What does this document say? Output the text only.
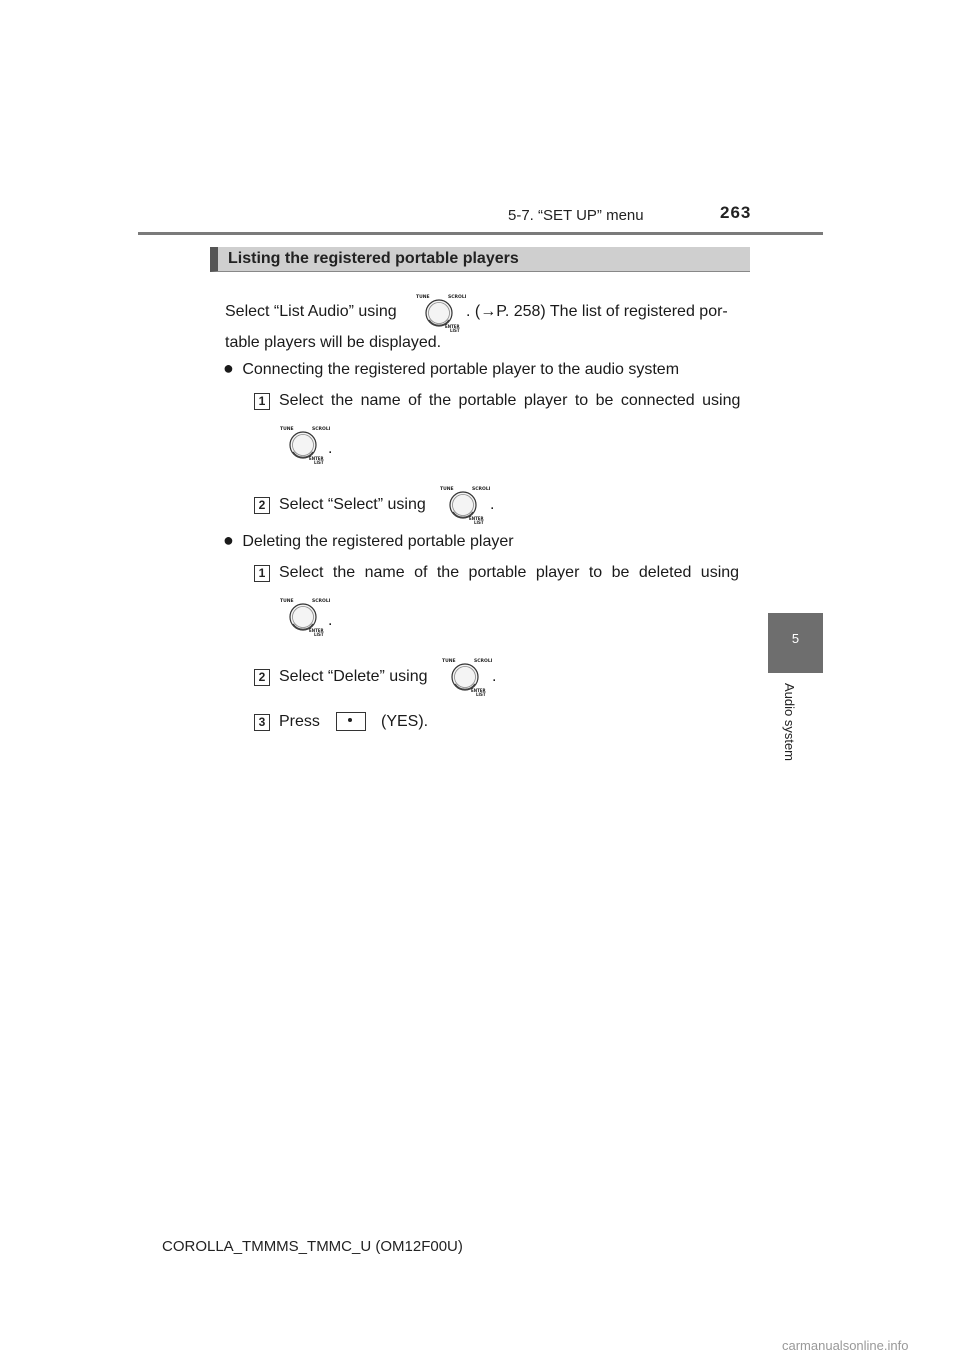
5-7. “SET UP” menu	263
Listing the registered portable players
Select “List Audio” using
TUNE	SCROLL
ENTER
LIST
. (→P. 258) The list of registered por-
table players will be displayed.
● Connecting the registered portable player to the audio system
1 Select the name of the portable player to be connected using
TUNE	SCROLL
ENTER
LIST
.
2 Select “Select” using
TUNE	SCROLL
ENTER
LIST
.
● Deleting the registered portable player
1 Select the name of the portable player to be deleted using
TUNE	SCROLL
ENTER
LIST
.
2 Select “Delete” using
TUNE	SCROLL
ENTER
LIST
.
3 Press	(YES).
5
Audio system
COROLLA_TMMMS_TMMC_U (OM12F00U)
carmanualsonline.info
